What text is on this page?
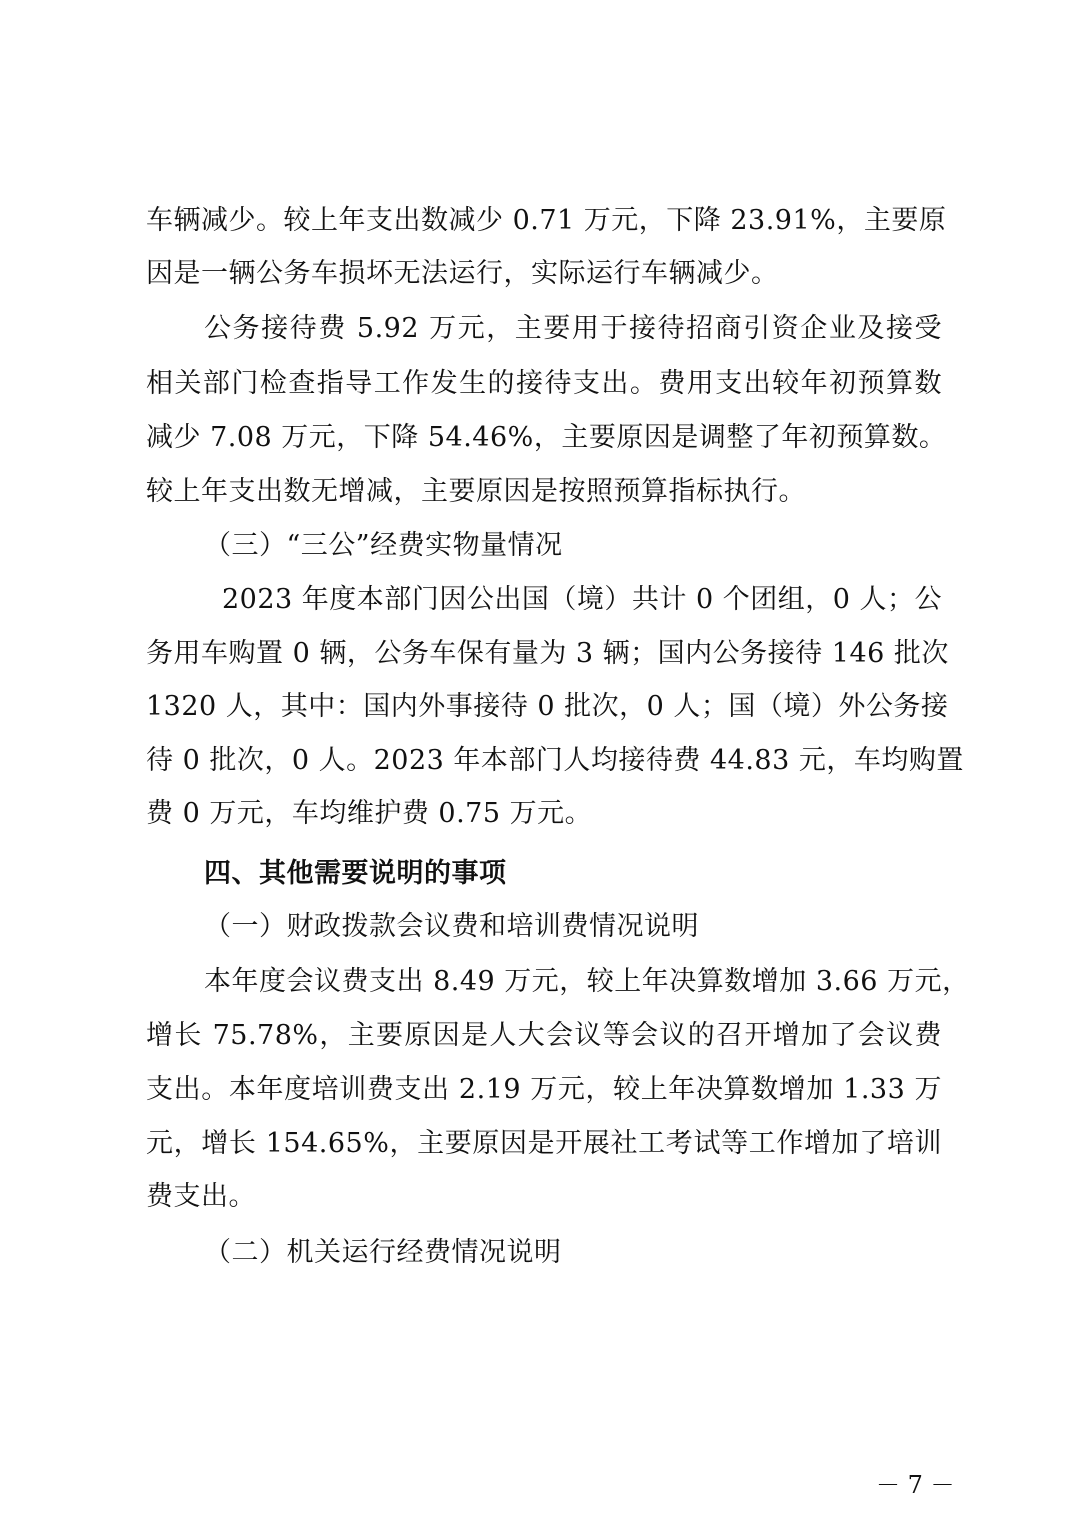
车辆减少。较上年支出数减少 0.71 万元，下降 23.91%，主要原
因是一辆公务车损坏无法运行，实际运行车辆减少。
公务接待费 5.92 万元，主要用于接待招商引资企业及接受
相关部门检查指导工作发生的接待支出。费用支出较年初预算数
减少 7.08 万元，下降 54.46%，主要原因是调整了年初预算数。
较上年支出数无增减，主要原因是按照预算指标执行。
（三）“三公”经费实物量情况
2023 年度本部门因公出国（境）共计 0 个团组，0 人；公
务用车购置 0 辆，公务车保有量为 3 辆；国内公务接待 146 批次
1320 人，其中：国内外事接待 0 批次，0 人；国（境）外公务接
待 0 批次，0 人。2023 年本部门人均接待费 44.83 元，车均购置
费 0 万元，车均维护费 0.75 万元。
四、其他需要说明的事项
（一）财政拨款会议费和培训费情况说明
本年度会议费支出 8.49 万元，较上年决算数增加 3.66 万元，
增长 75.78%，主要原因是人大会议等会议的召开增加了会议费
支出。本年度培训费支出 2.19 万元，较上年决算数增加 1.33 万
元，增长 154.65%，主要原因是开展社工考试等工作增加了培训
费支出。
（二）机关运行经费情况说明
－ 7 －
